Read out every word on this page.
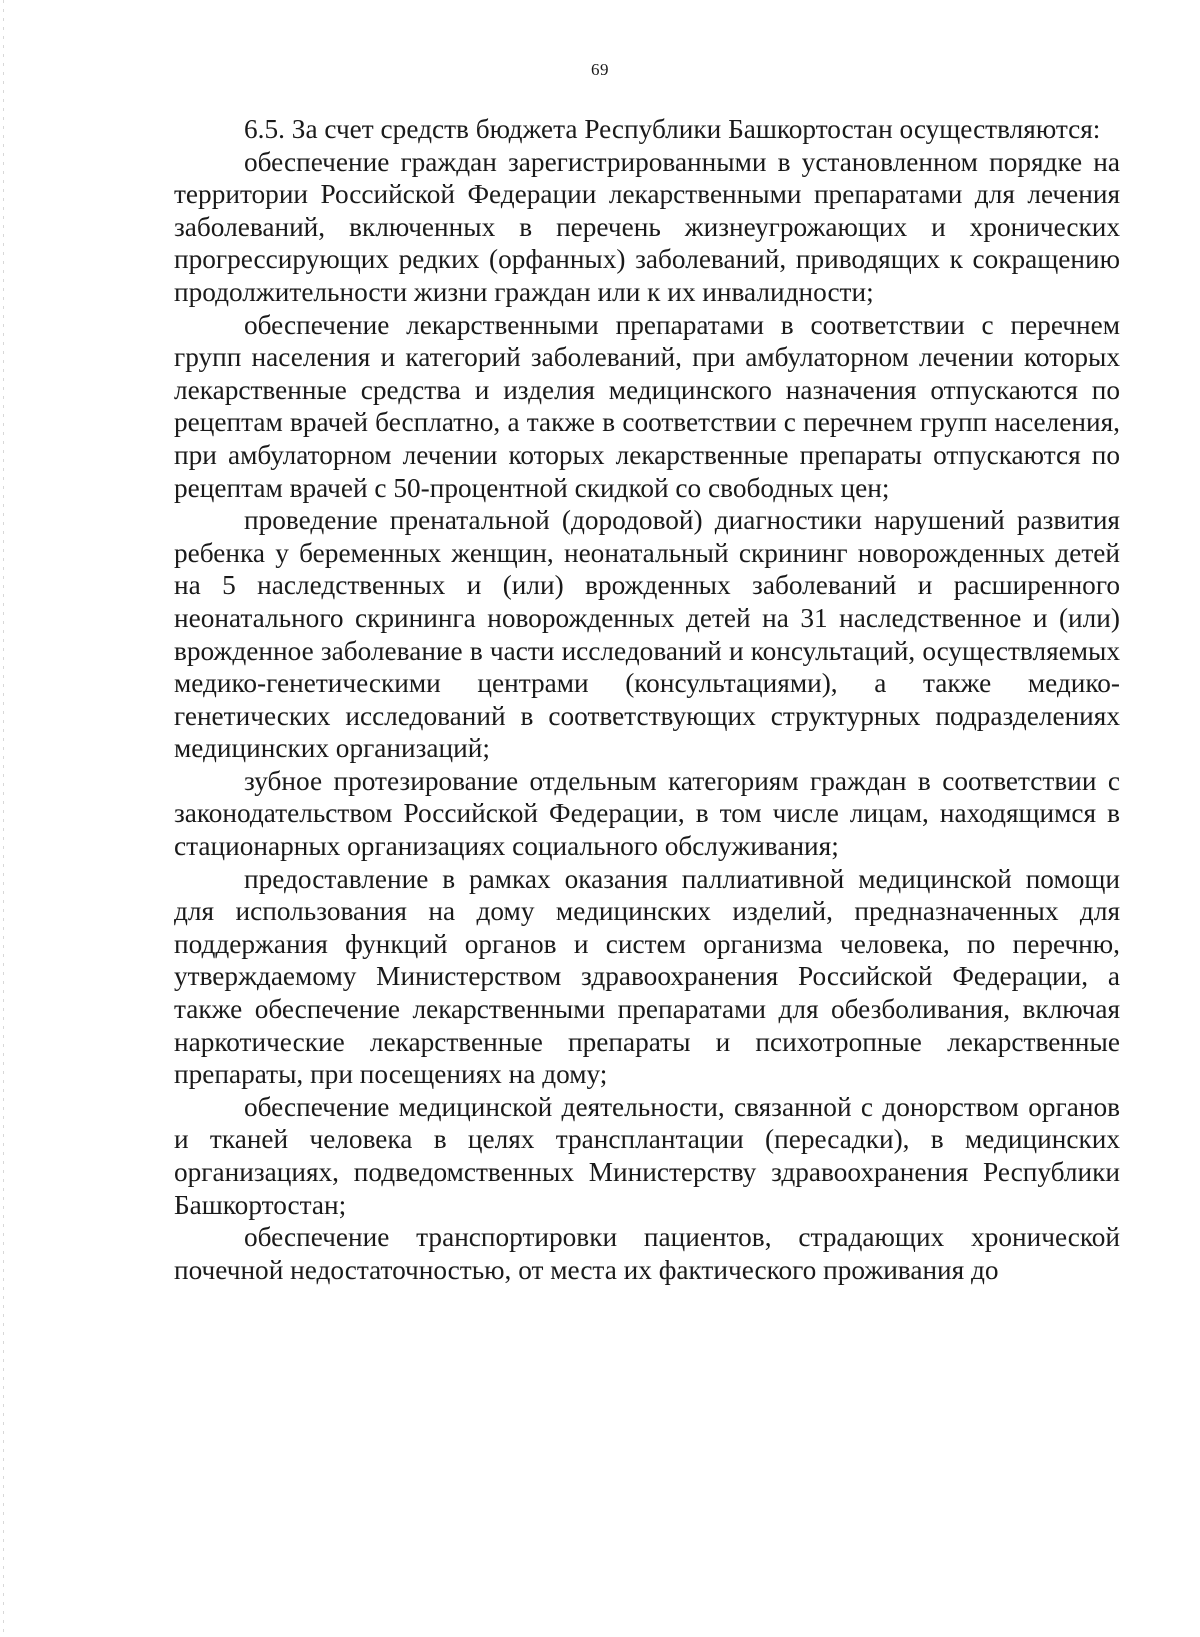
69

6.5. За счет средств бюджета Республики Башкортостан осуществляются:

обеспечение граждан зарегистрированными в установленном порядке на территории Российской Федерации лекарственными препаратами для лечения заболеваний, включенных в перечень жизнеугрожающих и хронических прогрессирующих редких (орфанных) заболеваний, приводящих к сокращению продолжительности жизни граждан или к их инвалидности;

обеспечение лекарственными препаратами в соответствии с перечнем групп населения и категорий заболеваний, при амбулаторном лечении которых лекарственные средства и изделия медицинского назначения отпускаются по рецептам врачей бесплатно, а также в соответствии с перечнем групп населения, при амбулаторном лечении которых лекарственные препараты отпускаются по рецептам врачей с 50-процентной скидкой со свободных цен;

проведение пренатальной (дородовой) диагностики нарушений развития ребенка у беременных женщин, неонатальный скрининг новорожденных детей на 5 наследственных и (или) врожденных заболеваний и расширенного неонатального скрининга новорожденных детей на 31 наследственное и (или) врожденное заболевание в части исследований и консультаций, осуществляемых медико-генетическими центрами (консультациями), а также медико-генетических исследований в соответствующих структурных подразделениях медицинских организаций;

зубное протезирование отдельным категориям граждан в соответствии с законодательством Российской Федерации, в том числе лицам, находящимся в стационарных организациях социального обслуживания;

предоставление в рамках оказания паллиативной медицинской помощи для использования на дому медицинских изделий, предназначенных для поддержания функций органов и систем организма человека, по перечню, утверждаемому Министерством здравоохранения Российской Федерации, а также обеспечение лекарственными препаратами для обезболивания, включая наркотические лекарственные препараты и психотропные лекарственные препараты, при посещениях на дому;

обеспечение медицинской деятельности, связанной с донорством органов и тканей человека в целях трансплантации (пересадки), в медицинских организациях, подведомственных Министерству здравоохранения Республики Башкортостан;

обеспечение транспортировки пациентов, страдающих хронической почечной недостаточностью, от места их фактического проживания до
